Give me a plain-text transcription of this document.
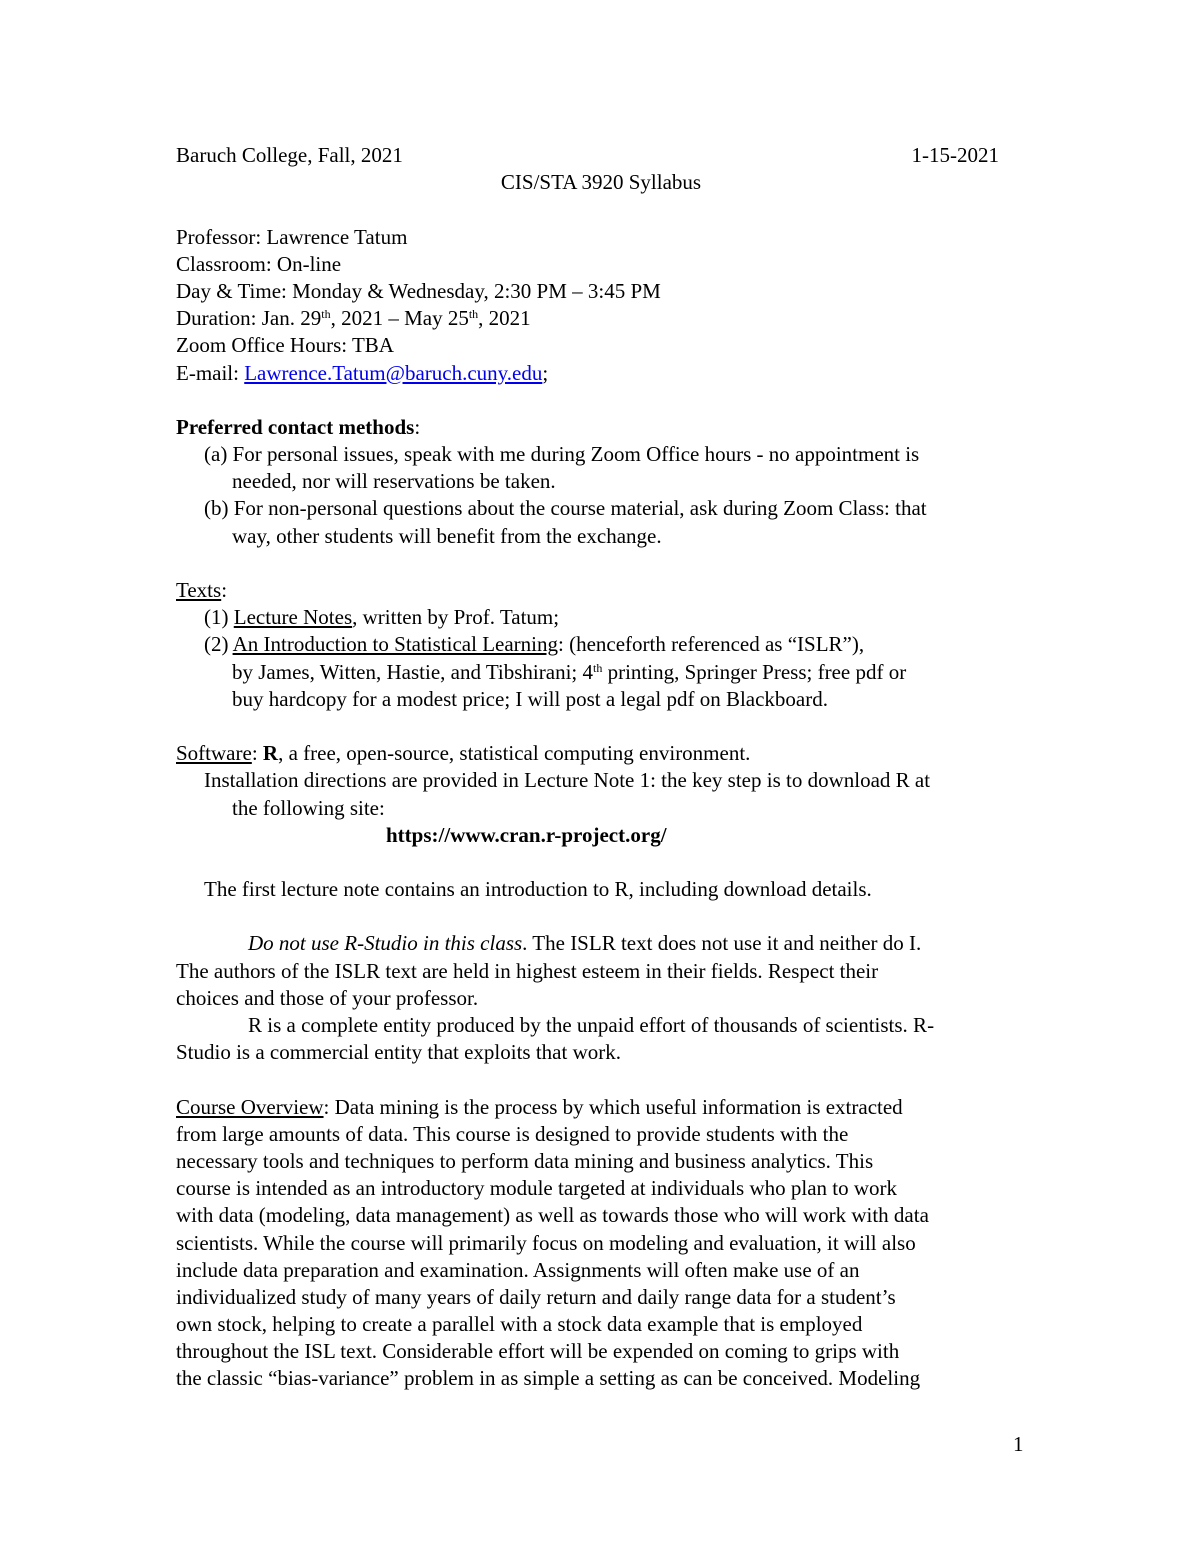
Baruch College, Fall, 2021	1-15-2021
CIS/STA 3920 Syllabus
Professor: Lawrence Tatum
Classroom: On-line
Day & Time: Monday & Wednesday, 2:30 PM – 3:45 PM
Duration: Jan. 29th, 2021 – May 25th, 2021
Zoom Office Hours: TBA
E-mail: Lawrence.Tatum@baruch.cuny.edu;
Preferred contact methods:
(a) For personal issues, speak with me during Zoom Office hours - no appointment is
needed, nor will reservations be taken.
(b) For non-personal questions about the course material, ask during Zoom Class: that
way, other students will benefit from the exchange.
Texts:
(1) Lecture Notes, written by Prof. Tatum;
(2) An Introduction to Statistical Learning: (henceforth referenced as “ISLR”),
by James, Witten, Hastie, and Tibshirani; 4th printing, Springer Press; free pdf or
buy hardcopy for a modest price; I will post a legal pdf on Blackboard.
Software: R, a free, open-source, statistical computing environment.
Installation directions are provided in Lecture Note 1: the key step is to download R at
the following site:
https://www.cran.r-project.org/
The first lecture note contains an introduction to R, including download details.
Do not use R-Studio in this class. The ISLR text does not use it and neither do I.
The authors of the ISLR text are held in highest esteem in their fields. Respect their
choices and those of your professor.
R is a complete entity produced by the unpaid effort of thousands of scientists. R-
Studio is a commercial entity that exploits that work.
Course Overview: Data mining is the process by which useful information is extracted
from large amounts of data. This course is designed to provide students with the
necessary tools and techniques to perform data mining and business analytics. This
course is intended as an introductory module targeted at individuals who plan to work
with data (modeling, data management) as well as towards those who will work with data
scientists. While the course will primarily focus on modeling and evaluation, it will also
include data preparation and examination. Assignments will often make use of an
individualized study of many years of daily return and daily range data for a student’s
own stock, helping to create a parallel with a stock data example that is employed
throughout the ISL text. Considerable effort will be expended on coming to grips with
the classic “bias-variance” problem in as simple a setting as can be conceived. Modeling
1
